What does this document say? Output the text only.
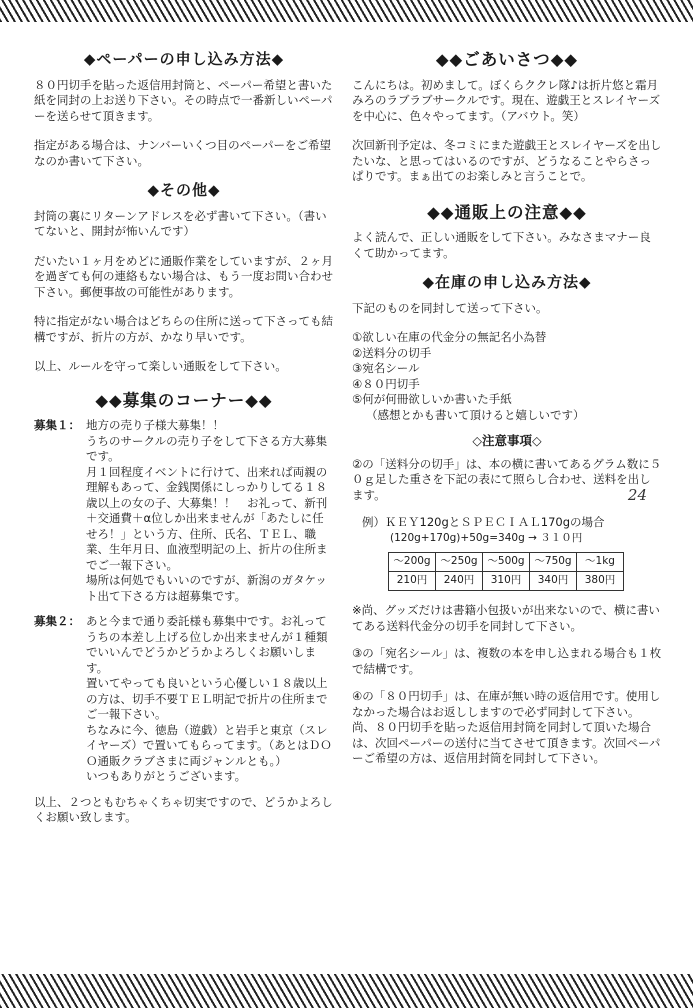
◆ペーパーの申し込み方法◆

８０円切手を貼った返信用封筒と、ペーパー希望と書いた紙を同封の上お送り下さい。その時点で一番新しいペーパーを送らせて頂きます。

指定がある場合は、ナンバーいくつ目のペーパーをご希望なのか書いて下さい。

◆その他◆

封筒の裏にリターンアドレスを必ず書いて下さい。（書いてないと、開封が怖いんです）

だいたい１ヶ月をめどに通販作業をしていますが、２ヶ月を過ぎても何の連絡もない場合は、もう一度お問い合わせ下さい。郵便事故の可能性があります。

特に指定がない場合はどちらの住所に送って下さっても結構ですが、折片の方が、かなり早いです。

以上、ルールを守って楽しい通販をして下さい。

◆◆募集のコーナー◆◆
募集１： 地方の売り子様大募集！！
うちのサークルの売り子をして下さる方大募集です。
月１回程度イベントに行けて、出来れば両親の理解もあって、金銭関係にしっかりしてる１８歳以上の女の子、大募集！！　お礼って、新刊＋交通費＋α位しか出来ませんが「あたしに任せろ！」という方、住所、氏名、ＴＥＬ、職業、生年月日、血液型明記の上、折片の住所までご一報下さい。
場所は何処でもいいのですが、新潟のガタケット出て下さる方は超募集です。
募集２： あと今まで通り委託様も募集中です。お礼ってうちの本差し上げる位しか出来ませんが１種類でいいんでどうかどうかよろしくお願いします。
置いてやっても良いという心優しい１８歳以上の方は、切手不要ＴＥＬ明記で折片の住所までご一報下さい。
ちなみに今、徳島（遊戯）と岩手と東京（スレイヤーズ）で置いてもらってます。（あとはＤＯＯ通販クラブさまに両ジャンルとも。）
いつもありがとうございます。

以上、２つともむちゃくちゃ切実ですので、どうかよろしくお願い致します。

◆◆ごあいさつ◆◆

こんにちは。初めまして。ぼくらククレ隊♪は折片悠と霜月みろのラブラブサークルです。現在、遊戯王とスレイヤーズを中心に、色々やってます。（アバウト。笑）

次回新刊予定は、冬コミにまた遊戯王とスレイヤーズを出したいな、と思ってはいるのですが、どうなることやらさっぱりです。まぁ出てのお楽しみと言うことで。

◆◆通販上の注意◆◆

よく読んで、正しい通販をして下さい。みなさまマナー良くて助かってます。

◆在庫の申し込み方法◆

下記のものを同封して送って下さい。

①欲しい在庫の代金分の無記名小為替
②送料分の切手
③宛名シール
④８０円切手
⑤何が何冊欲しいか書いた手紙
（感想とかも書いて頂けると嬉しいです）
◇注意事項◇

②の「送料分の切手」は、本の横に書いてあるグラム数に５０ｇ足した重さを下記の表にて照らし合わせ、送料を出します。

例）ＫＥＹ120gとＳＰＥＣＩＡＬ170gの場合
(120g+170g)+50g=340g → ３１０円
～200g	～250g	～500g	～750g	～1kg
210円	240円	310円	340円	380円

※尚、グッズだけは書籍小包扱いが出来ないので、横に書いてある送料代金分の切手を同封して下さい。

③の「宛名シール」は、複数の本を申し込まれる場合も１枚で結構です。

④の「８０円切手」は、在庫が無い時の返信用です。使用しなかった場合はお返ししますので必ず同封して下さい。尚、８０円切手を貼った返信用封筒を同封して頂いた場合は、次回ペーパーの送付に当てさせて頂きます。次回ペーパーご希望の方は、返信用封筒を同封して下さい。

24
